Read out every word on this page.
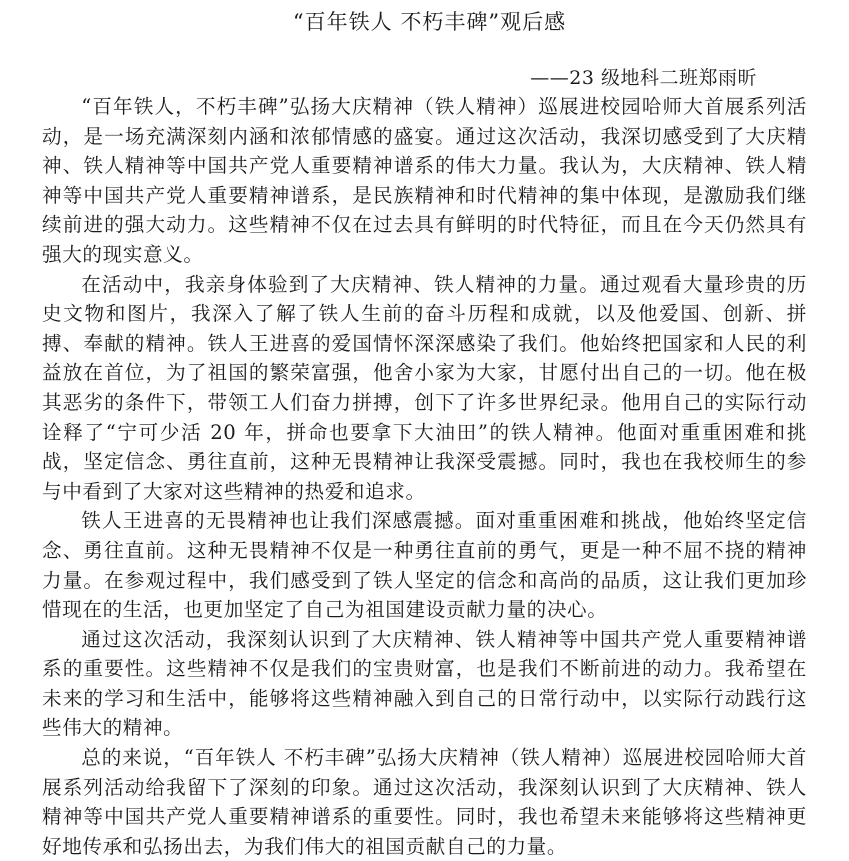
“百年铁人 不朽丰碑”观后感
——23 级地科二班郑雨昕

“百年铁人，不朽丰碑”弘扬大庆精神（铁人精神）巡展进校园哈师大首展系列活动，是一场充满深刻内涵和浓郁情感的盛宴。通过这次活动，我深切感受到了大庆精神、铁人精神等中国共产党人重要精神谱系的伟大力量。我认为，大庆精神、铁人精神等中国共产党人重要精神谱系，是民族精神和时代精神的集中体现，是激励我们继续前进的强大动力。这些精神不仅在过去具有鲜明的时代特征，而且在今天仍然具有强大的现实意义。

在活动中，我亲身体验到了大庆精神、铁人精神的力量。通过观看大量珍贵的历史文物和图片，我深入了解了铁人生前的奋斗历程和成就，以及他爱国、创新、拼搏、奉献的精神。铁人王进喜的爱国情怀深深感染了我们。他始终把国家和人民的利益放在首位，为了祖国的繁荣富强，他舍小家为大家，甘愿付出自己的一切。他在极其恶劣的条件下，带领工人们奋力拼搏，创下了许多世界纪录。他用自己的实际行动诠释了“宁可少活 20 年，拼命也要拿下大油田”的铁人精神。他面对重重困难和挑战，坚定信念、勇往直前，这种无畏精神让我深受震撼。同时，我也在我校师生的参与中看到了大家对这些精神的热爱和追求。

铁人王进喜的无畏精神也让我们深感震撼。面对重重困难和挑战，他始终坚定信念、勇往直前。这种无畏精神不仅是一种勇往直前的勇气，更是一种不屈不挠的精神力量。在参观过程中，我们感受到了铁人坚定的信念和高尚的品质，这让我们更加珍惜现在的生活，也更加坚定了自己为祖国建设贡献力量的决心。

通过这次活动，我深刻认识到了大庆精神、铁人精神等中国共产党人重要精神谱系的重要性。这些精神不仅是我们的宝贵财富，也是我们不断前进的动力。我希望在未来的学习和生活中，能够将这些精神融入到自己的日常行动中，以实际行动践行这些伟大的精神。

总的来说，“百年铁人 不朽丰碑”弘扬大庆精神（铁人精神）巡展进校园哈师大首展系列活动给我留下了深刻的印象。通过这次活动，我深刻认识到了大庆精神、铁人精神等中国共产党人重要精神谱系的重要性。同时，我也希望未来能够将这些精神更好地传承和弘扬出去，为我们伟大的祖国贡献自己的力量。
